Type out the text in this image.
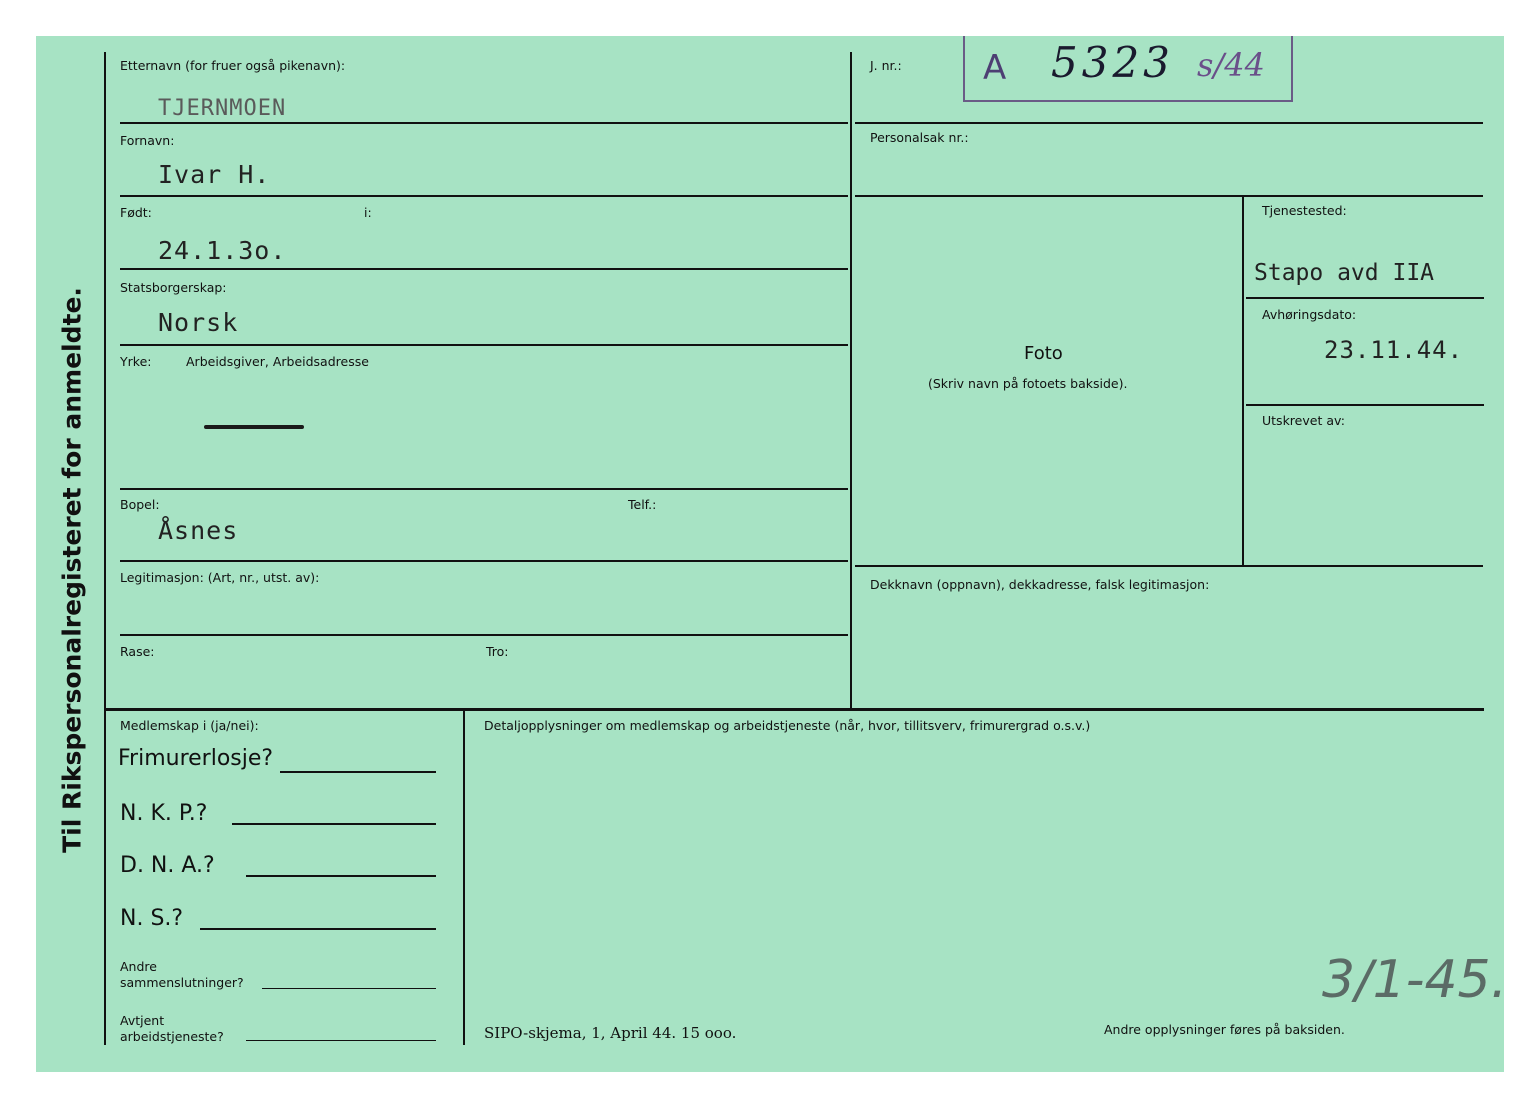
A 5323 s/44
Til Rikspersonalregisteret for anmeldte.
Etternavn (for fruer også pikenavn):
TJERNMOEN
Fornavn:
Ivar H.
Født:	i:
24.1.3o.
Statsborgerskap:
Norsk
Yrke:	Arbeidsgiver, Arbeidsadresse
Bopel:	Telf.:
Åsnes
Legitimasjon: (Art, nr., utst. av):
Rase:	Tro:
J. nr.:
Personalsak nr.:
Foto
(Skriv navn på fotoets bakside).
Tjenestested:
Stapo avd IIA
Avhøringsdato:
23.11.44.
Utskrevet av:
Dekknavn (oppnavn), dekkadresse, falsk legitimasjon:
Medlemskap i (ja/nei):
Frimurerlosje?
N. K. P.?
D. N. A.?
N. S.?
Andre
sammenslutninger?
Avtjent
arbeidstjeneste?
Detaljopplysninger om medlemskap og arbeidstjeneste (når, hvor, tillitsverv, frimurergrad o.s.v.)
SIPO-skjema, 1, April 44. 15 ooo.	Andre opplysninger føres på baksiden.
3/1-45.
